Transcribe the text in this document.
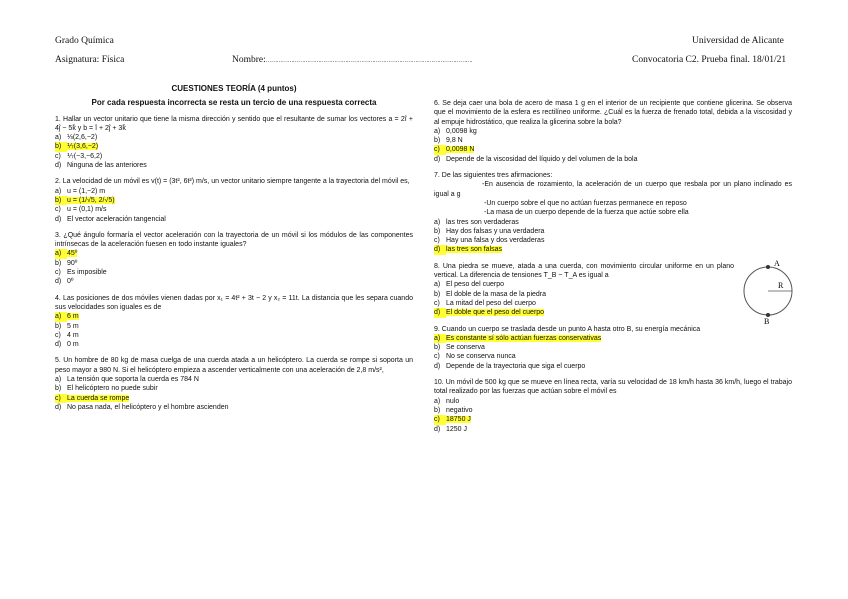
Grado Química	Universidad de Alicante
Asignatura: Física	Nombre:…………………………………………………………………………………………………….	Convocatoria C2. Prueba final. 18/01/21

CUESTIONES TEORÍA (4 puntos)

Por cada respuesta incorrecta se resta un tercio de una respuesta correcta

1. Hallar un vector unitario que tiene la misma dirección y sentido que el resultante de sumar los vectores a = 2î + 4ĵ − 5k̂ y b = î + 2ĵ + 3k̂

a) ⅓(2,6,−2)

b) ⅐(3,6,−2)

c) ⅐(−3,−6,2)

d) Ninguna de las anteriores

2. La velocidad de un móvil es v(t) = (3t², 6t²) m/s, un vector unitario siempre tangente a la trayectoria del móvil es,

a) u = (1,−2) m

b) u = (1/√5, 2/√5)

c) u = (0,1) m/s

d) El vector aceleración tangencial

3. ¿Qué ángulo formaría el vector aceleración con la trayectoria de un móvil si los módulos de las componentes intrínsecas de la aceleración fuesen en todo instante iguales?

a) 45º

b) 90º

c) Es imposible

d) 0º

4. Las posiciones de dos móviles vienen dadas por x₁ = 4t² + 3t − 2 y x₂ = 11t. La distancia que les separa cuando sus velocidades son iguales es de

a) 6 m

b) 5 m

c) 4 m

d) 0 m

5. Un hombre de 80 kg de masa cuelga de una cuerda atada a un helicóptero. La cuerda se rompe si soporta un peso mayor a 980 N. Si el helicóptero empieza a ascender verticalmente con una aceleración de 2,8 m/s²,

a) La tensión que soporta la cuerda es 784 N

b) El helicóptero no puede subir

c) La cuerda se rompe

d) No pasa nada, el helicóptero y el hombre ascienden

6. Se deja caer una bola de acero de masa 1 g en el interior de un recipiente que contiene glicerina. Se observa que el movimiento de la esfera es rectilíneo uniforme. ¿Cuál es la fuerza de frenado total, debida a la viscosidad y al empuje hidrostático, que realiza la glicerina sobre la bola?

a) 0,0098 kg

b) 9,8 N

c) 0,0098 N

d) Depende de la viscosidad del líquido y del volumen de la bola

7. De las siguientes tres afirmaciones:

-En ausencia de rozamiento, la aceleración de un cuerpo que resbala por un plano inclinado es igual a g

-Un cuerpo sobre el que no actúan fuerzas permanece en reposo

-La masa de un cuerpo depende de la fuerza que actúe sobre ella

a) las tres son verdaderas

b) Hay dos falsas y una verdadera

c) Hay una falsa y dos verdaderas

d) las tres son falsas

8. Una piedra se mueve, atada a una cuerda, con movimiento circular uniforme en un plano vertical. La diferencia de tensiones T_B − T_A es igual a

a) El peso del cuerpo

b) El doble de la masa de la piedra

c) La mitad del peso del cuerpo

d) El doble que el peso del cuerpo

A
R
B

9. Cuando un cuerpo se traslada desde un punto A hasta otro B, su energía mecánica

a) Es constante sí sólo actúan fuerzas conservativas

b) Se conserva

c) No se conserva nunca

d) Depende de la trayectoria que siga el cuerpo

10. Un móvil de 500 kg que se mueve en línea recta, varía su velocidad de 18 km/h hasta 36 km/h, luego el trabajo total realizado por las fuerzas que actúan sobre el móvil es

a) nulo

b) negativo

c) 18750 J

d) 1250 J
